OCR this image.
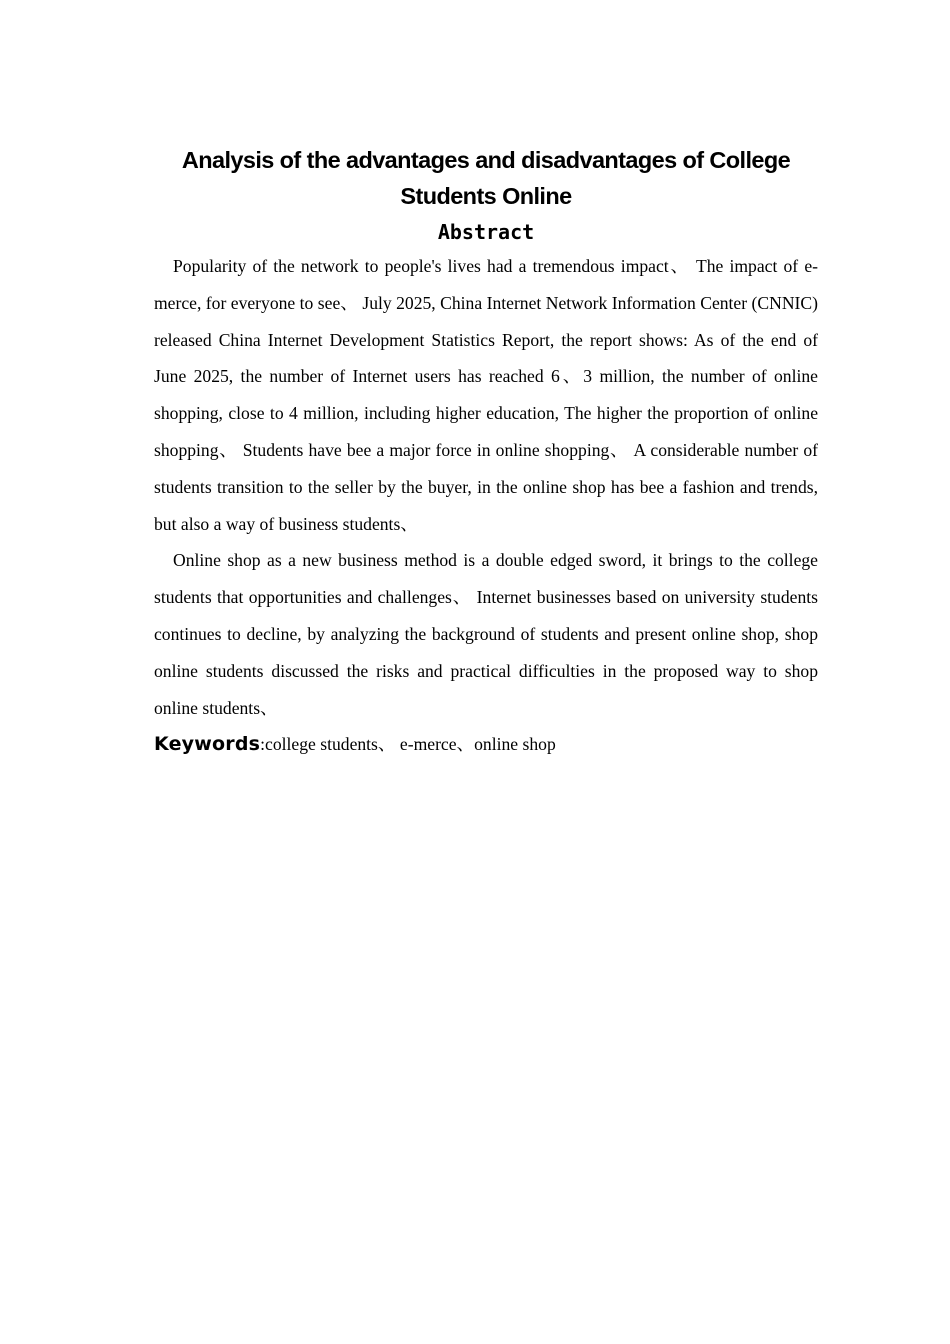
Analysis of the advantages and disadvantages of College Students Online
Abstract

Popularity of the network to people's lives had a tremendous impact、 The impact of e-merce, for everyone to see、 July 2025, China Internet Network Information Center (CNNIC) released China Internet Development Statistics Report, the report shows: As of the end of June 2025, the number of Internet users has reached 6、3 million, the number of online shopping, close to 4 million, including higher education, The higher the proportion of online shopping、 Students have bee a major force in online shopping、 A considerable number of students transition to the seller by the buyer, in the online shop has bee a fashion and trends, but also a way of business students、

Online shop as a new business method is a double edged sword, it brings to the college students that opportunities and challenges、 Internet businesses based on university students continues to decline, by analyzing the background of students and present online shop, shop online students discussed the risks and practical difficulties in the proposed way to shop online students、

Keywords:college students、 e-merce、online shop
